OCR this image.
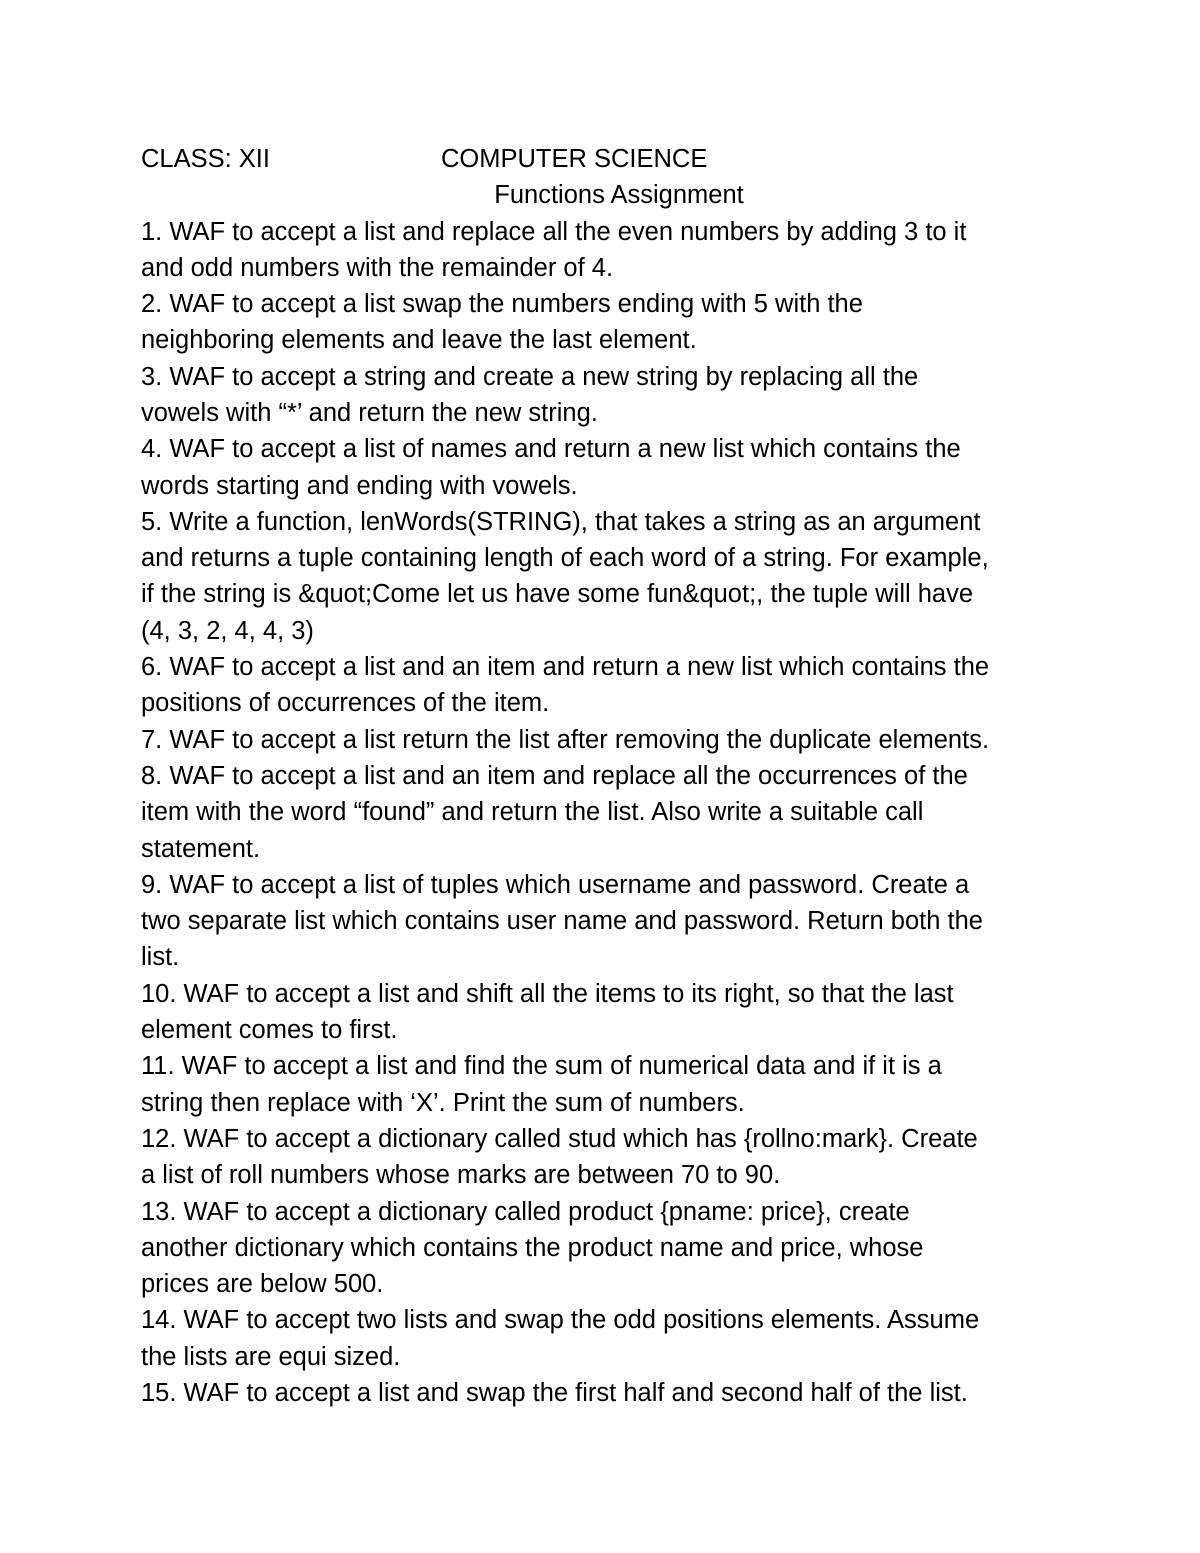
CLASS: XII	COMPUTER SCIENCE
Functions Assignment
1. WAF to accept a list and replace all the even numbers by adding 3 to it
and odd numbers with the remainder of 4.
2. WAF to accept a list swap the numbers ending with 5 with the
neighboring elements and leave the last element.
3. WAF to accept a string and create a new string by replacing all the
vowels with “*’ and return the new string.
4. WAF to accept a list of names and return a new list which contains the
words starting and ending with vowels.
5. Write a function, lenWords(STRING), that takes a string as an argument
and returns a tuple containing length of each word of a string. For example,
if the string is &quot;Come let us have some fun&quot;, the tuple will have
(4, 3, 2, 4, 4, 3)
6. WAF to accept a list and an item and return a new list which contains the
positions of occurrences of the item.
7. WAF to accept a list return the list after removing the duplicate elements.
8. WAF to accept a list and an item and replace all the occurrences of the
item with the word “found” and return the list. Also write a suitable call
statement.
9. WAF to accept a list of tuples which username and password. Create a
two separate list which contains user name and password. Return both the
list.
10. WAF to accept a list and shift all the items to its right, so that the last
element comes to first.
11. WAF to accept a list and find the sum of numerical data and if it is a
string then replace with ‘X’. Print the sum of numbers.
12. WAF to accept a dictionary called stud which has {rollno:mark}. Create
a list of roll numbers whose marks are between 70 to 90.
13. WAF to accept a dictionary called product {pname: price}, create
another dictionary which contains the product name and price, whose
prices are below 500.
14. WAF to accept two lists and swap the odd positions elements. Assume
the lists are equi sized.
15. WAF to accept a list and swap the first half and second half of the list.
